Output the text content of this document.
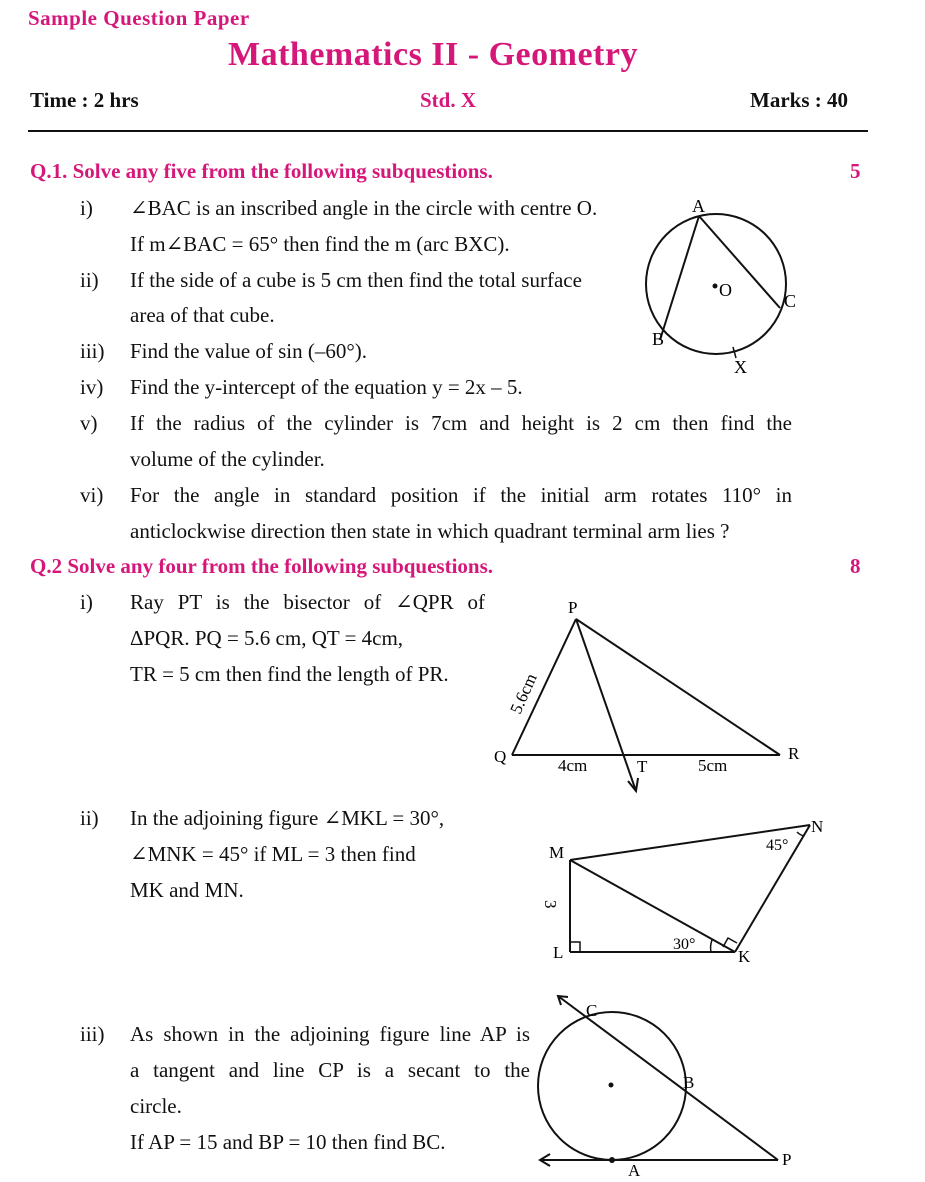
Sample Question Paper
Mathematics II - Geometry
Time : 2 hrs	Std. X	Marks : 40
Q.1. Solve any five from the following subquestions.	5
i) ∠BAC is an inscribed angle in the circle with centre O.
If m∠BAC = 65° then find the m (arc BXC).
ii) If the side of a cube is 5 cm then find the total surface
area of that cube.
iii) Find the value of sin (–60°).
iv) Find the y-intercept of the equation y = 2x – 5.
v) If the radius of the cylinder is 7cm and height is 2 cm then find the
volume of the cylinder.
vi) For the angle in standard position if the initial arm rotates 110° in
anticlockwise direction then state in which quadrant terminal arm lies ?
A
O
C
B
X
Q.2 Solve any four from the following subquestions.	8
i) Ray PT is the bisector of ∠QPR of
ΔPQR. PQ = 5.6 cm, QT = 4cm,
TR = 5 cm then find the length of PR.
P
Q	R
T
4cm	5cm
5.6cm
ii) In the adjoining figure ∠MKL = 30°,
∠MNK = 45° if ML = 3 then find
MK and MN.
M
N
L	K
3
45°
30°
iii) As shown in the adjoining figure line AP is
a tangent and line CP is a secant to the
circle.
If AP = 15 and BP = 10 then find BC.
C
B
A
P
